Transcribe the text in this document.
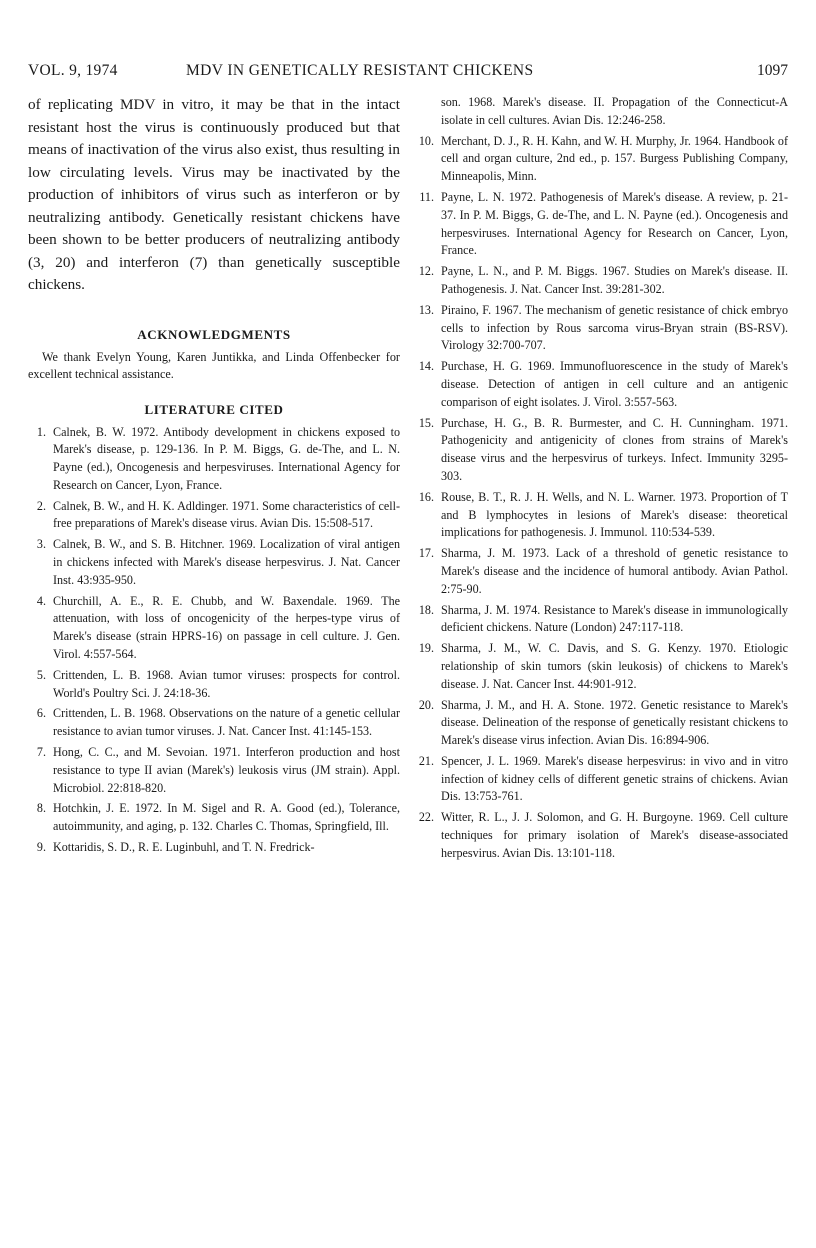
VOL. 9, 1974	MDV IN GENETICALLY RESISTANT CHICKENS	1097

of replicating MDV in vitro, it may be that in the intact resistant host the virus is continuously produced but that means of inactivation of the virus also exist, thus resulting in low circulating levels. Virus may be inactivated by the production of inhibitors of virus such as interferon or by neutralizing antibody. Genetically resistant chickens have been shown to be better producers of neutralizing antibody (3, 20) and interferon (7) than genetically susceptible chickens.

ACKNOWLEDGMENTS

We thank Evelyn Young, Karen Juntikka, and Linda Offenbecker for excellent technical assistance.

LITERATURE CITED
1. Calnek, B. W. 1972. Antibody development in chickens exposed to Marek's disease, p. 129-136. In P. M. Biggs, G. de-The, and L. N. Payne (ed.), Oncogenesis and herpesviruses. International Agency for Research on Cancer, Lyon, France.
2. Calnek, B. W., and H. K. Adldinger. 1971. Some characteristics of cell-free preparations of Marek's disease virus. Avian Dis. 15:508-517.
3. Calnek, B. W., and S. B. Hitchner. 1969. Localization of viral antigen in chickens infected with Marek's disease herpesvirus. J. Nat. Cancer Inst. 43:935-950.
4. Churchill, A. E., R. E. Chubb, and W. Baxendale. 1969. The attenuation, with loss of oncogenicity of the herpes-type virus of Marek's disease (strain HPRS-16) on passage in cell culture. J. Gen. Virol. 4:557-564.
5. Crittenden, L. B. 1968. Avian tumor viruses: prospects for control. World's Poultry Sci. J. 24:18-36.
6. Crittenden, L. B. 1968. Observations on the nature of a genetic cellular resistance to avian tumor viruses. J. Nat. Cancer Inst. 41:145-153.
7. Hong, C. C., and M. Sevoian. 1971. Interferon production and host resistance to type II avian (Marek's) leukosis virus (JM strain). Appl. Microbiol. 22:818-820.
8. Hotchkin, J. E. 1972. In M. Sigel and R. A. Good (ed.), Tolerance, autoimmunity, and aging, p. 132. Charles C. Thomas, Springfield, Ill.
9. Kottaridis, S. D., R. E. Luginbuhl, and T. N. Fredrick-
son. 1968. Marek's disease. II. Propagation of the Connecticut-A isolate in cell cultures. Avian Dis. 12:246-258.
10. Merchant, D. J., R. H. Kahn, and W. H. Murphy, Jr. 1964. Handbook of cell and organ culture, 2nd ed., p. 157. Burgess Publishing Company, Minneapolis, Minn.
11. Payne, L. N. 1972. Pathogenesis of Marek's disease. A review, p. 21-37. In P. M. Biggs, G. de-The, and L. N. Payne (ed.). Oncogenesis and herpesviruses. International Agency for Research on Cancer, Lyon, France.
12. Payne, L. N., and P. M. Biggs. 1967. Studies on Marek's disease. II. Pathogenesis. J. Nat. Cancer Inst. 39:281-302.
13. Piraino, F. 1967. The mechanism of genetic resistance of chick embryo cells to infection by Rous sarcoma virus-Bryan strain (BS-RSV). Virology 32:700-707.
14. Purchase, H. G. 1969. Immunofluorescence in the study of Marek's disease. Detection of antigen in cell culture and an antigenic comparison of eight isolates. J. Virol. 3:557-563.
15. Purchase, H. G., B. R. Burmester, and C. H. Cunningham. 1971. Pathogenicity and antigenicity of clones from strains of Marek's disease virus and the herpesvirus of turkeys. Infect. Immunity 3295-303.
16. Rouse, B. T., R. J. H. Wells, and N. L. Warner. 1973. Proportion of T and B lymphocytes in lesions of Marek's disease: theoretical implications for pathogenesis. J. Immunol. 110:534-539.
17. Sharma, J. M. 1973. Lack of a threshold of genetic resistance to Marek's disease and the incidence of humoral antibody. Avian Pathol. 2:75-90.
18. Sharma, J. M. 1974. Resistance to Marek's disease in immunologically deficient chickens. Nature (London) 247:117-118.
19. Sharma, J. M., W. C. Davis, and S. G. Kenzy. 1970. Etiologic relationship of skin tumors (skin leukosis) of chickens to Marek's disease. J. Nat. Cancer Inst. 44:901-912.
20. Sharma, J. M., and H. A. Stone. 1972. Genetic resistance to Marek's disease. Delineation of the response of genetically resistant chickens to Marek's disease virus infection. Avian Dis. 16:894-906.
21. Spencer, J. L. 1969. Marek's disease herpesvirus: in vivo and in vitro infection of kidney cells of different genetic strains of chickens. Avian Dis. 13:753-761.
22. Witter, R. L., J. J. Solomon, and G. H. Burgoyne. 1969. Cell culture techniques for primary isolation of Marek's disease-associated herpesvirus. Avian Dis. 13:101-118.
